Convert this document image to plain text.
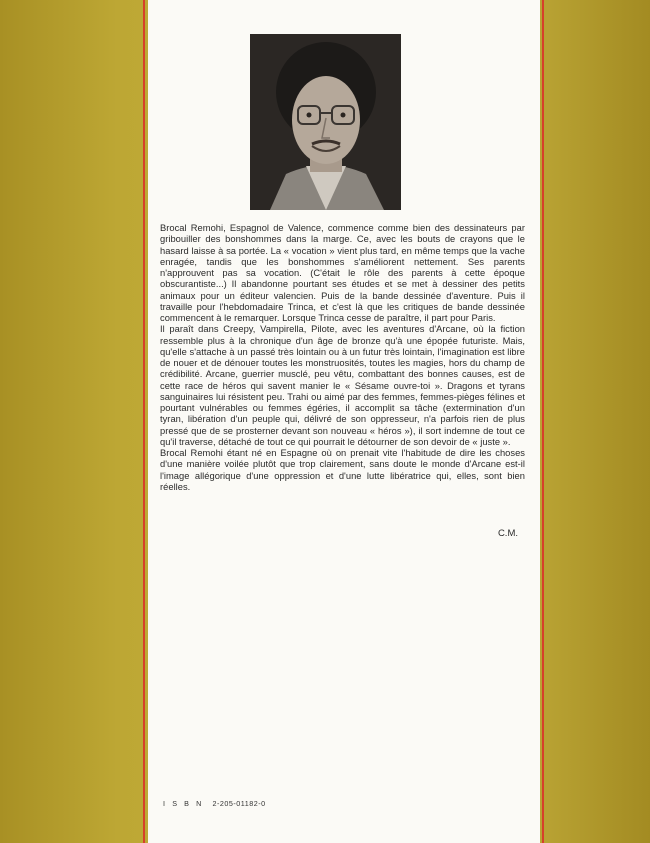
Brocal Remohi, Espagnol de Valence, commence comme bien des dessinateurs par gribouiller des bonshommes dans la marge. Ce, avec les bouts de crayons que le hasard laisse à sa portée. La « vocation » vient plus tard, en même temps que la vache enragée, tandis que les bonshommes s'améliorent nettement. Ses parents n'approuvent pas sa vocation. (C'était le rôle des parents à cette époque obscurantiste...) Il abandonne pourtant ses études et se met à dessiner des petits animaux pour un éditeur valencien. Puis de la bande dessinée d'aventure. Puis il travaille pour l'hebdomadaire Trinca, et c'est là que les critiques de bande dessinée commencent à le remarquer. Lorsque Trinca cesse de paraître, il part pour Paris.

Il paraît dans Creepy, Vampirella, Pilote, avec les aventures d'Arcane, où la fiction ressemble plus à la chronique d'un âge de bronze qu'à une épopée futuriste. Mais, qu'elle s'attache à un passé très lointain ou à un futur très lointain, l'imagination est libre de nouer et de dénouer toutes les monstruosités, toutes les magies, hors du champ de crédibilité. Arcane, guerrier musclé, peu vêtu, combattant des bonnes causes, est de cette race de héros qui savent manier le « Sésame ouvre-toi ». Dragons et tyrans sanguinaires lui résistent peu. Trahi ou aimé par des femmes, femmes-pièges félines et pourtant vulnérables ou femmes égéries, il accomplit sa tâche (extermination d'un tyran, libération d'un peuple qui, délivré de son oppresseur, n'a parfois rien de plus pressé que de se prosterner devant son nouveau « héros »), il sort indemne de tout ce qu'il traverse, détaché de tout ce qui pourrait le détourner de son devoir de « juste ».

Brocal Remohi étant né en Espagne où on prenait vite l'habitude de dire les choses d'une manière voilée plutôt que trop clairement, sans doute le monde d'Arcane est-il l'image allégorique d'une oppression et d'une lutte libératrice qui, elles, sont bien réelles.

C.M.
I S B N 2-205-01182-0
